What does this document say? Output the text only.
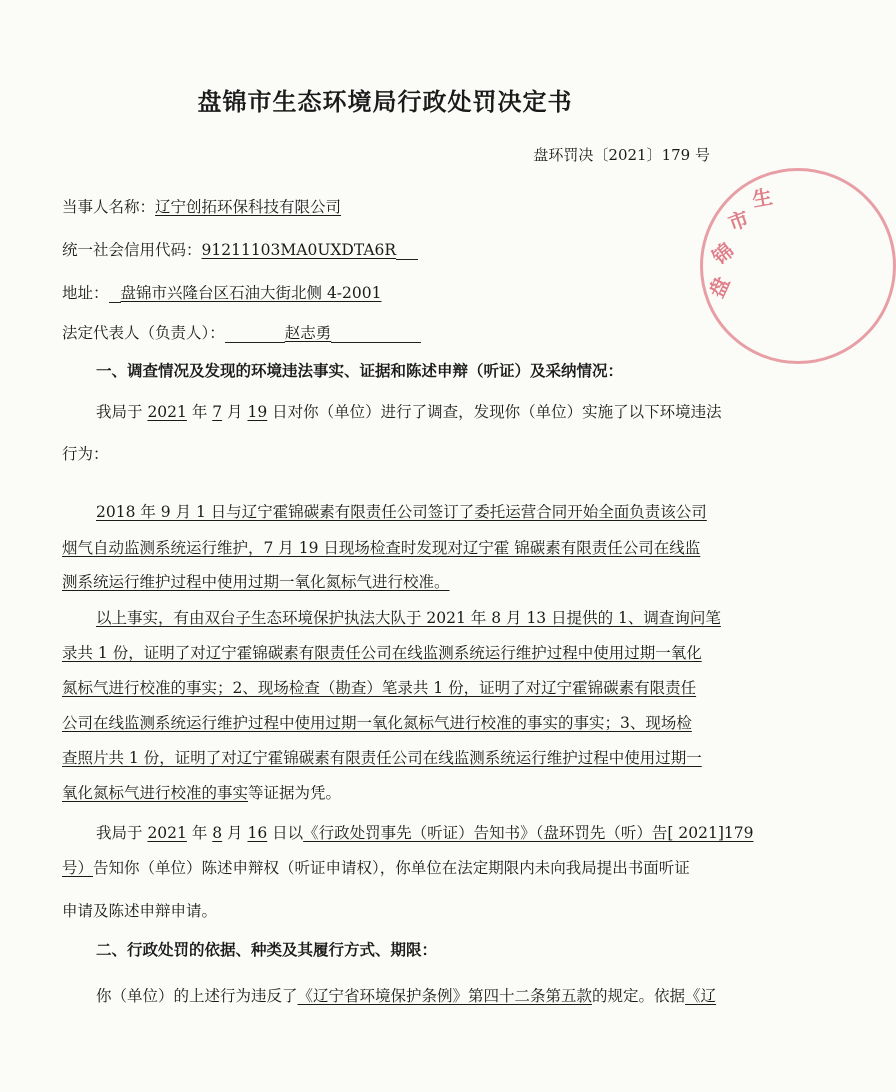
盘锦市生态环境局行政处罚决定书
盘环罚决〔2021〕179 号
市
生
锦
盘
当事人名称：辽宁创拓环保科技有限公司
统一社会信用代码：91211103MA0UXDTA6R
地址： 盘锦市兴隆台区石油大街北侧 4-2001
法定代表人（负责人）：	赵志勇
一、调查情况及发现的环境违法事实、证据和陈述申辩（听证）及采纳情况：
我局于 2021 年 7 月 19 日对你（单位）进行了调查，发现你（单位）实施了以下环境违法
行为：
2018 年 9 月 1 日与辽宁霍锦碳素有限责任公司签订了委托运营合同开始全面负责该公司
烟气自动监测系统运行维护，7 月 19 日现场检查时发现对辽宁霍 锦碳素有限责任公司在线监
测系统运行维护过程中使用过期一氧化氮标气进行校准。
以上事实，有由双台子生态环境保护执法大队于 2021 年 8 月 13 日提供的 1、调查询问笔
录共 1 份，证明了对辽宁霍锦碳素有限责任公司在线监测系统运行维护过程中使用过期一氧化
氮标气进行校准的事实；2、现场检查（勘查）笔录共 1 份，证明了对辽宁霍锦碳素有限责任
公司在线监测系统运行维护过程中使用过期一氧化氮标气进行校准的事实的事实；3、现场检
查照片共 1 份，证明了对辽宁霍锦碳素有限责任公司在线监测系统运行维护过程中使用过期一
氧化氮标气进行校准的事实等证据为凭。
我局于 2021 年 8 月 16 日以《行政处罚事先（听证）告知书》（盘环罚先（听）告[ 2021]179
号）告知你（单位）陈述申辩权（听证申请权），你单位在法定期限内未向我局提出书面听证
申请及陈述申辩申请。
二、行政处罚的依据、种类及其履行方式、期限：
你（单位）的上述行为违反了《辽宁省环境保护条例》第四十二条第五款的规定。依据《辽
